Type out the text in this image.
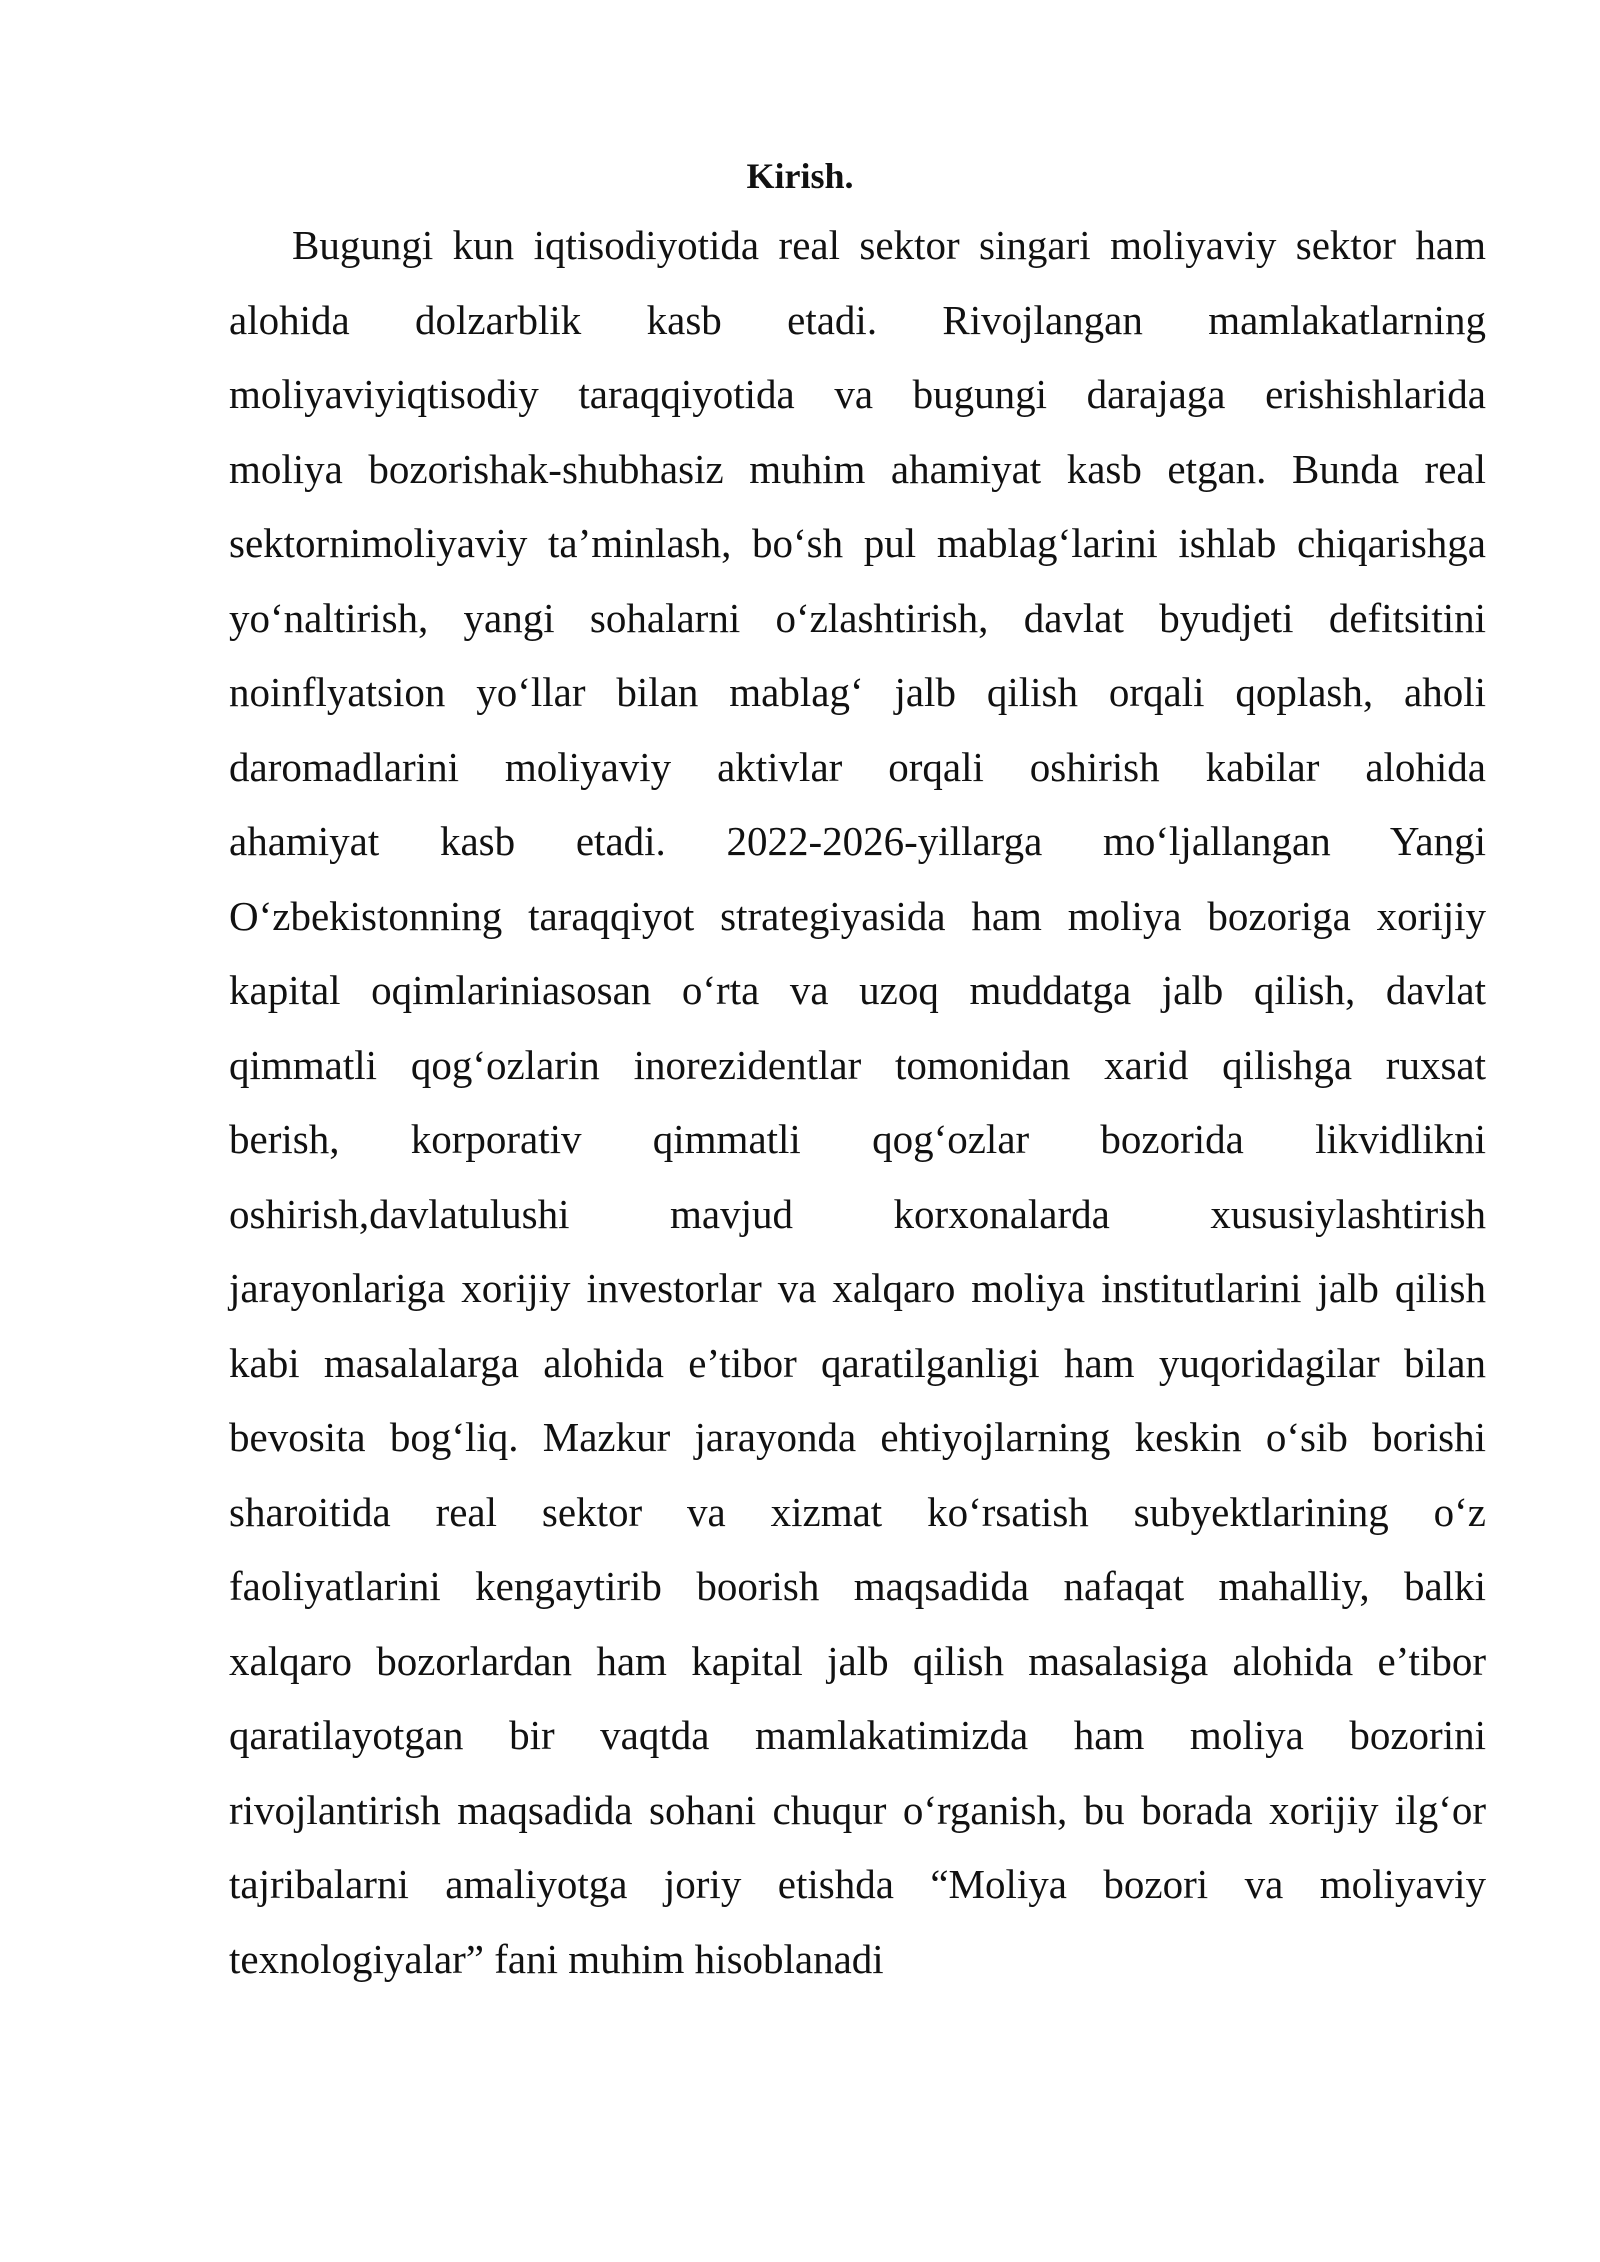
Kirish.

Bugungi kun iqtisodiyotida real sektor singari moliyaviy sektor ham
alohida dolzarblik kasb etadi. Rivojlangan mamlakatlarning
moliyaviyiqtisodiy taraqqiyotida va bugungi darajaga erishishlarida
moliya bozorishak-shubhasiz muhim ahamiyat kasb etgan. Bunda real
sektornimoliyaviy ta’minlash, bo‘sh pul mablag‘larini ishlab chiqarishga
yo‘naltirish, yangi sohalarni o‘zlashtirish, davlat byudjeti defitsitini
noinflyatsion yo‘llar bilan mablag‘ jalb qilish orqali qoplash, aholi
daromadlarini moliyaviy aktivlar orqali oshirish kabilar alohida
ahamiyat kasb etadi. 2022-2026-yillarga mo‘ljallangan Yangi
O‘zbekistonning taraqqiyot strategiyasida ham moliya bozoriga xorijiy
kapital oqimlariniasosan o‘rta va uzoq muddatga jalb qilish, davlat
qimmatli qog‘ozlarin inorezidentlar tomonidan xarid qilishga ruxsat
berish, korporativ qimmatli qog‘ozlar bozorida likvidlikni
oshirish,davlatulushi mavjud korxonalarda xususiylashtirish
jarayonlariga xorijiy investorlar va xalqaro moliya institutlarini jalb qilish
kabi masalalarga alohida e’tibor qaratilganligi ham yuqoridagilar bilan
bevosita bog‘liq. Mazkur jarayonda ehtiyojlarning keskin o‘sib borishi
sharoitida real sektor va xizmat ko‘rsatish subyektlarining o‘z
faoliyatlarini kengaytirib boorish maqsadida nafaqat mahalliy, balki
xalqaro bozorlardan ham kapital jalb qilish masalasiga alohida e’tibor
qaratilayotgan bir vaqtda mamlakatimizda ham moliya bozorini
rivojlantirish maqsadida sohani chuqur o‘rganish, bu borada xorijiy ilg‘or
tajribalarni amaliyotga joriy etishda “Moliya bozori va moliyaviy
texnologiyalar” fani muhim hisoblanadi
